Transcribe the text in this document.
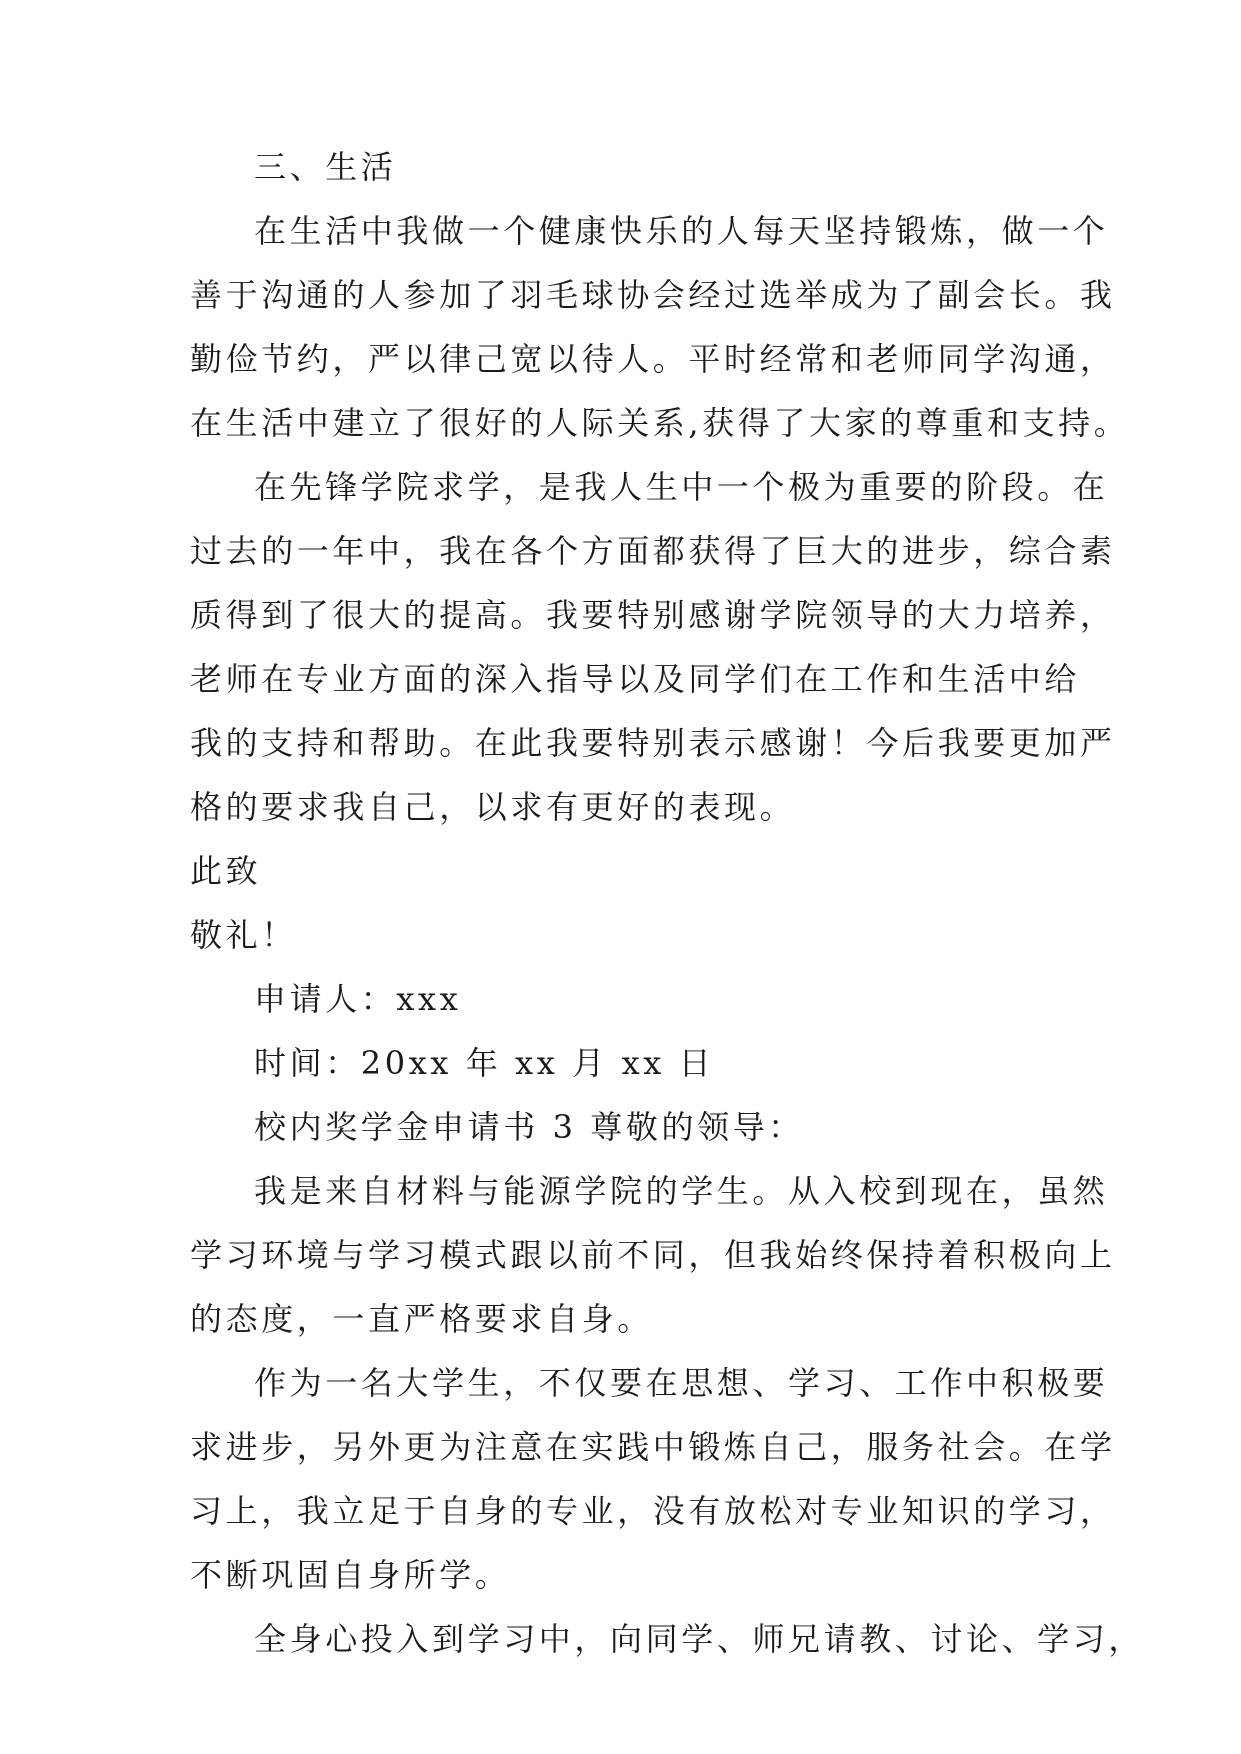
三、生活
在生活中我做一个健康快乐的人每天坚持锻炼，做一个
善于沟通的人参加了羽毛球协会经过选举成为了副会长。我
勤俭节约，严以律己宽以待人。平时经常和老师同学沟通，
在生活中建立了很好的人际关系,获得了大家的尊重和支持。
在先锋学院求学，是我人生中一个极为重要的阶段。在
过去的一年中，我在各个方面都获得了巨大的进步，综合素
质得到了很大的提高。我要特别感谢学院领导的大力培养，
老师在专业方面的深入指导以及同学们在工作和生活中给
我的支持和帮助。在此我要特别表示感谢！今后我要更加严
格的要求我自己，以求有更好的表现。
此致
敬礼！
申请人：xxx
时间：20xx 年 xx 月 xx 日
校内奖学金申请书 3 尊敬的领导：
我是来自材料与能源学院的学生。从入校到现在，虽然
学习环境与学习模式跟以前不同，但我始终保持着积极向上
的态度，一直严格要求自身。
作为一名大学生，不仅要在思想、学习、工作中积极要
求进步，另外更为注意在实践中锻炼自己，服务社会。在学
习上，我立足于自身的专业，没有放松对专业知识的学习，
不断巩固自身所学。
全身心投入到学习中，向同学、师兄请教、讨论、学习，
